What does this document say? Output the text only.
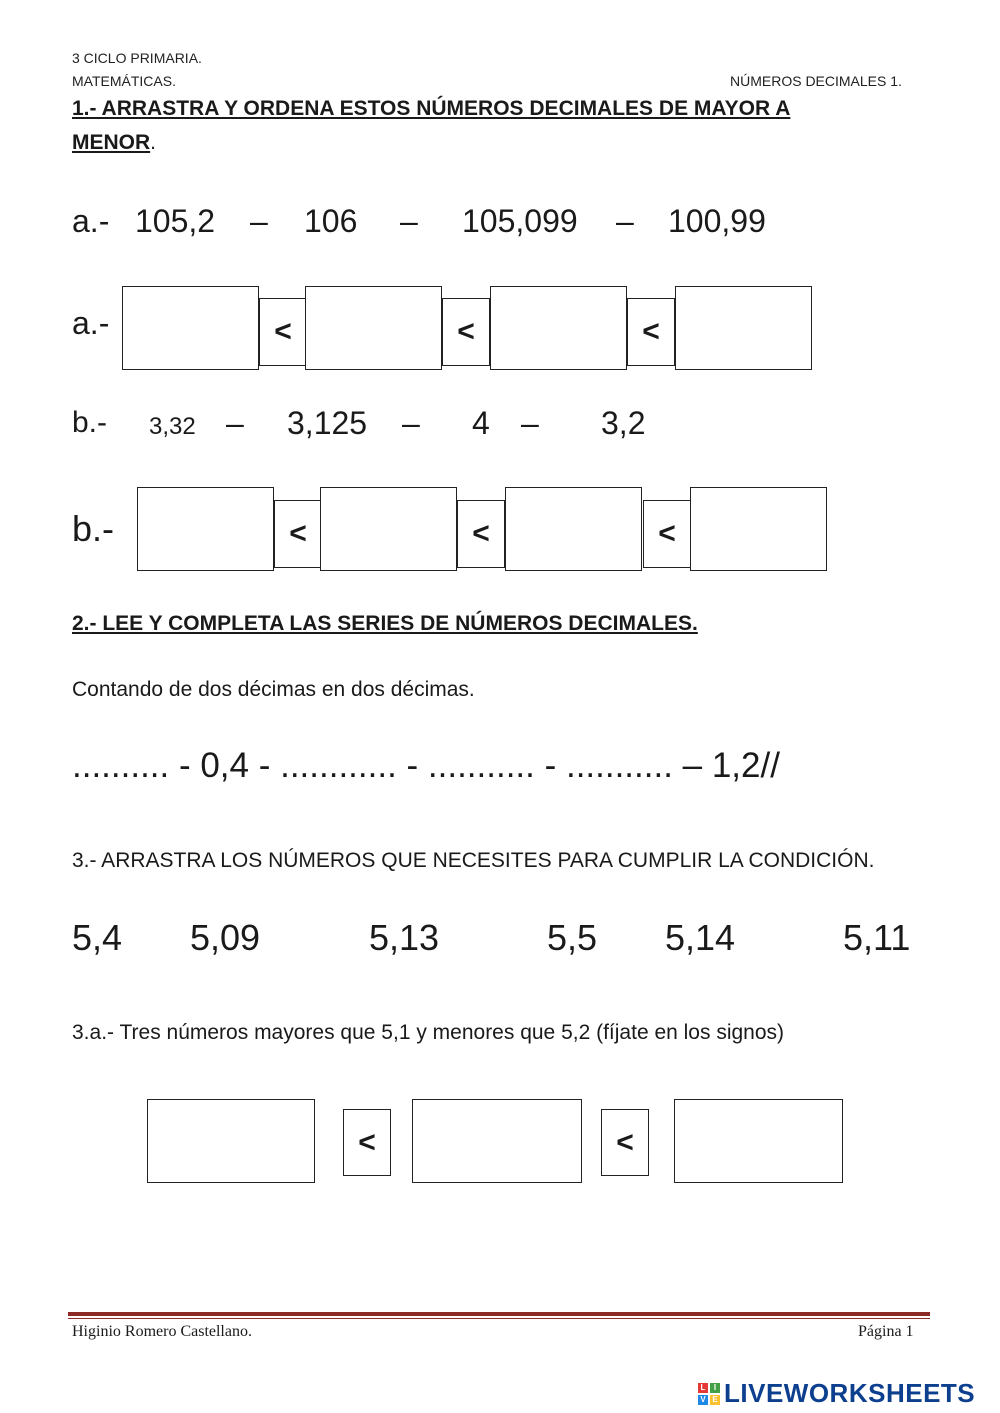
3 CICLO PRIMARIA.
MATEMÁTICAS.	NÚMEROS DECIMALES 1.
1.- ARRASTRA Y ORDENA ESTOS NÚMEROS DECIMALES DE MAYOR A
MENOR.
a.- 105,2 – 106 – 105,099 – 100,99
a.-	<	<	<
b.- 3,32 – 3,125 – 4 – 3,2
b.-	<	<	<
2.- LEE Y COMPLETA LAS SERIES DE NÚMEROS DECIMALES.
Contando de dos décimas en dos décimas.
.......... - 0,4 - ............ - ........... - ........... – 1,2//
3.- ARRASTRA LOS NÚMEROS QUE NECESITES PARA CUMPLIR LA CONDICIÓN.
5,4 5,09	5,13	5,5 5,14	5,11
3.a.- Tres números mayores que 5,1 y menores que 5,2 (fíjate en los signos)
<	<
Higinio Romero Castellano.	Página 1
L	I
V E LIVEWORKSHEETS
